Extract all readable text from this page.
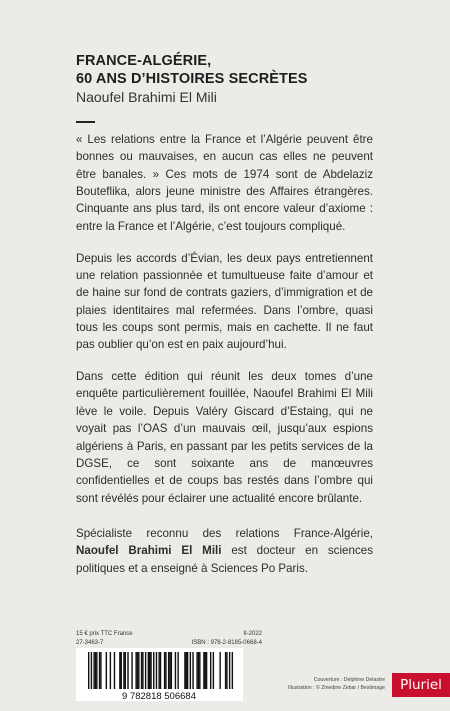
FRANCE-ALGÉRIE,
60 ANS D’HISTOIRES SECRÈTES
Naoufel Brahimi El Mili

« Les relations entre la France et l’Algérie peuvent être bonnes ou mauvaises, en aucun cas elles ne peuvent être banales. » Ces mots de 1974 sont de Abdelaziz Bouteflika, alors jeune ministre des Affaires étrangères. Cinquante ans plus tard, ils ont encore valeur d’axiome : entre la France et l’Algérie, c’est toujours compliqué.

Depuis les accords d’Évian, les deux pays entretiennent une relation passionnée et tumultueuse faite d’amour et de haine sur fond de contrats gaziers, d’immigration et de plaies identitaires mal refermées. Dans l’ombre, quasi tous les coups sont permis, mais en cachette. Il ne faut pas oublier qu’on est en paix aujourd’hui.

Dans cette édition qui réunit les deux tomes d’une enquête particulièrement fouillée, Naoufel Brahimi El Mili lève le voile. Depuis Valéry Giscard d’Estaing, qui ne voyait pas l’OAS d’un mauvais œil, jusqu’aux espions algériens à Paris, en passant par les petits services de la DGSE, ce sont soixante ans de manœuvres confidentielles et de coups bas restés dans l’ombre qui sont révélés pour éclairer une actualité encore brûlante.

Spécialiste reconnu des relations France-Algérie, Naoufel Brahimi El Mili est docteur en sciences politiques et a enseigné à Sciences Po Paris.

15 € prix TTC France	II-2022
27-3463-7	ISBN : 978-2-8185-0668-4
9 782818 506684
Couverture : Delphine Delastre
Illustration : © Zinedine Zebar / Bestimage	Pluriel
